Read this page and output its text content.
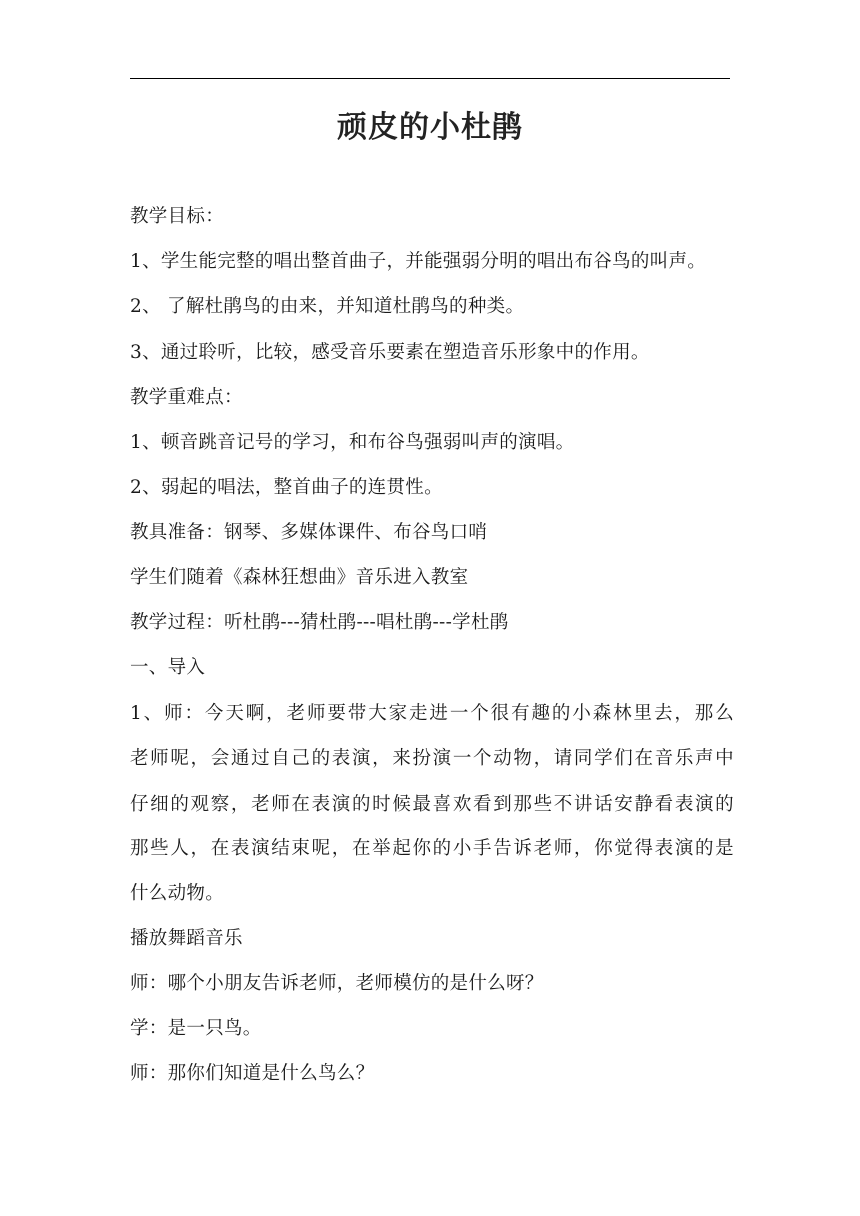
顽皮的小杜鹃
教学目标：
1、学生能完整的唱出整首曲子，并能强弱分明的唱出布谷鸟的叫声。
2、 了解杜鹃鸟的由来，并知道杜鹃鸟的种类。
3、通过聆听，比较，感受音乐要素在塑造音乐形象中的作用。
教学重难点：
1、顿音跳音记号的学习，和布谷鸟强弱叫声的演唱。
2、弱起的唱法，整首曲子的连贯性。
教具准备：钢琴、多媒体课件、布谷鸟口哨
学生们随着《森林狂想曲》音乐进入教室
教学过程：听杜鹃---猜杜鹃---唱杜鹃---学杜鹃
一、导入
1、师：今天啊，老师要带大家走进一个很有趣的小森林里去，那么
老师呢，会通过自己的表演，来扮演一个动物，请同学们在音乐声中
仔细的观察，老师在表演的时候最喜欢看到那些不讲话安静看表演的
那些人，在表演结束呢，在举起你的小手告诉老师，你觉得表演的是
什么动物。
播放舞蹈音乐
师：哪个小朋友告诉老师，老师模仿的是什么呀？
学：是一只鸟。
师：那你们知道是什么鸟么？
